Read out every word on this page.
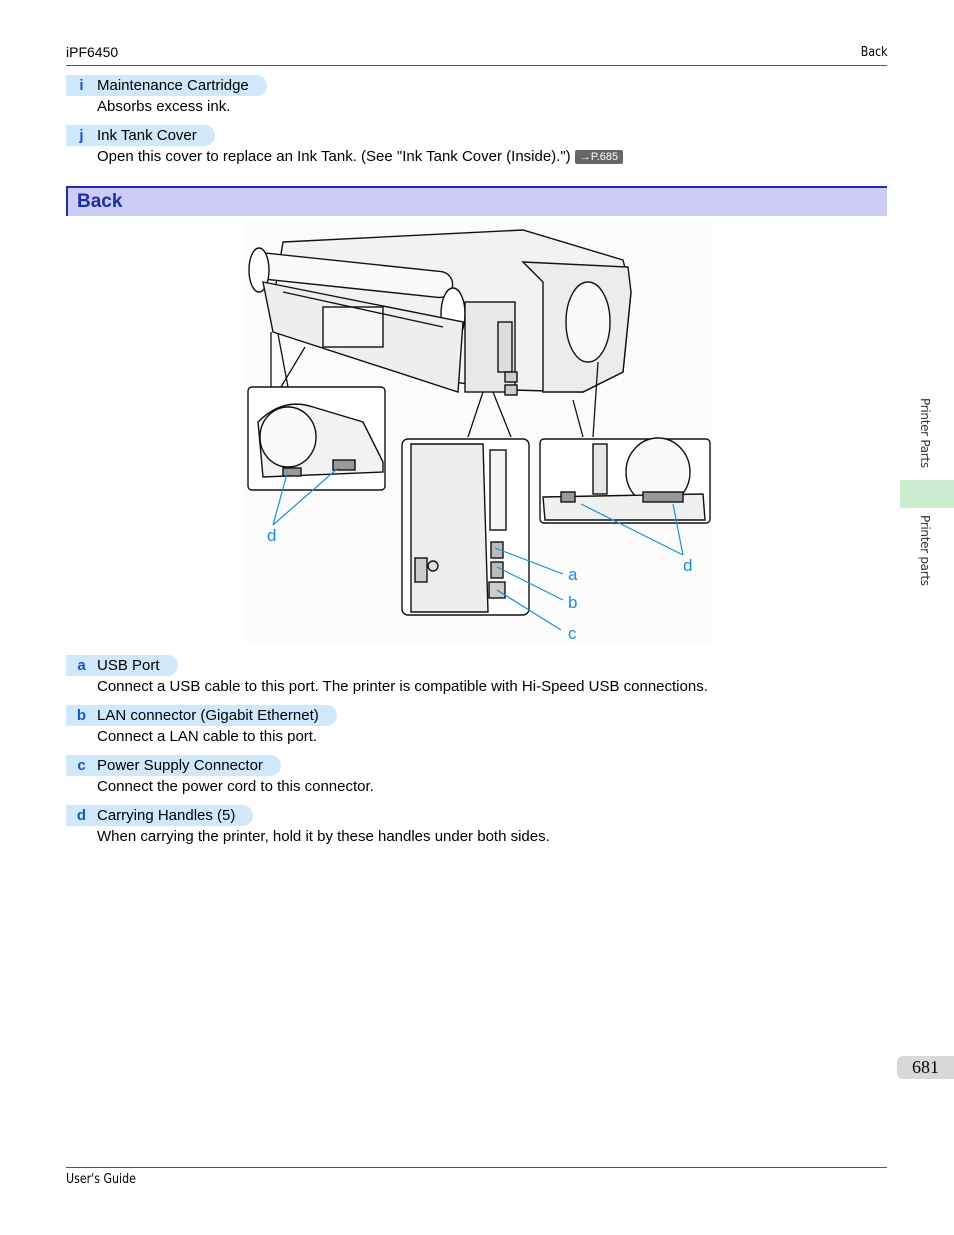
iPF6450	Back
i Maintenance Cartridge
Absorbs excess ink.
j Ink Tank Cover
Open this cover to replace an Ink Tank. (See "Ink Tank Cover (Inside).") →P.685
Back
d
d
a
b
c
a USB Port
Connect a USB cable to this port. The printer is compatible with Hi-Speed USB connections.
b LAN connector (Gigabit Ethernet)
Connect a LAN cable to this port.
c Power Supply Connector
Connect the power cord to this connector.
d Carrying Handles (5)
When carrying the printer, hold it by these handles under both sides.
Printer Parts
Printer parts
681
User's Guide
